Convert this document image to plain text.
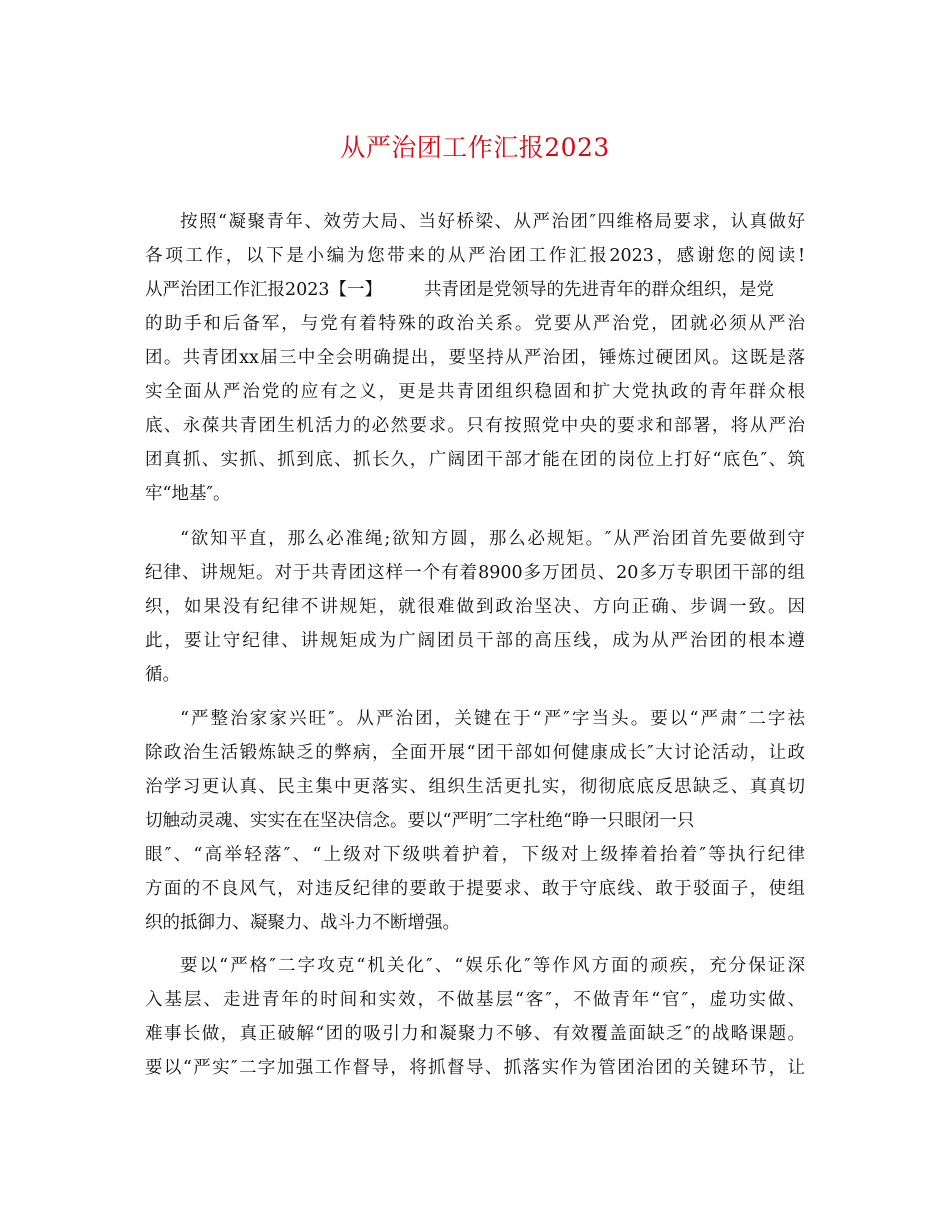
从严治团工作汇报2023
按照“凝聚青年、效劳大局、当好桥梁、从严治团″四维格局要求，认真做好
各项工作，以下是小编为您带来的从严治团工作汇报2023，感谢您的阅读!
从严治团工作汇报2023【一】 共青团是党领导的先进青年的群众组织，是党
的助手和后备军，与党有着特殊的政治关系。党要从严治党，团就必须从严治
团。共青团xx届三中全会明确提出，要坚持从严治团，锤炼过硬团风。这既是落
实全面从严治党的应有之义，更是共青团组织稳固和扩大党执政的青年群众根
底、永葆共青团生机活力的必然要求。只有按照党中央的要求和部署，将从严治
团真抓、实抓、抓到底、抓长久，广阔团干部才能在团的岗位上打好“底色″、筑
牢“地基″。
“欲知平直，那么必准绳;欲知方圆，那么必规矩。″从严治团首先要做到守
纪律、讲规矩。对于共青团这样一个有着8900多万团员、20多万专职团干部的组
织，如果没有纪律不讲规矩，就很难做到政治坚决、方向正确、步调一致。因
此，要让守纪律、讲规矩成为广阔团员干部的高压线，成为从严治团的根本遵
循。
“严整治家家兴旺″。从严治团，关键在于“严″字当头。要以“严肃″二字祛
除政治生活锻炼缺乏的弊病，全面开展“团干部如何健康成长″大讨论活动，让政
治学习更认真、民主集中更落实、组织生活更扎实，彻彻底底反思缺乏、真真切
切触动灵魂、实实在在坚决信念。要以“严明″二字杜绝“睁一只眼闭一只
眼″、“高举轻落″、“上级对下级哄着护着，下级对上级捧着抬着″等执行纪律
方面的不良风气，对违反纪律的要敢于提要求、敢于守底线、敢于驳面子，使组
织的抵御力、凝聚力、战斗力不断增强。
要以“严格″二字攻克“机关化″、“娱乐化″等作风方面的顽疾，充分保证深
入基层、走进青年的时间和实效，不做基层“客″，不做青年“官″，虚功实做、
难事长做，真正破解“团的吸引力和凝聚力不够、有效覆盖面缺乏″的战略课题。
要以“严实″二字加强工作督导，将抓督导、抓落实作为管团治团的关键环节，让
